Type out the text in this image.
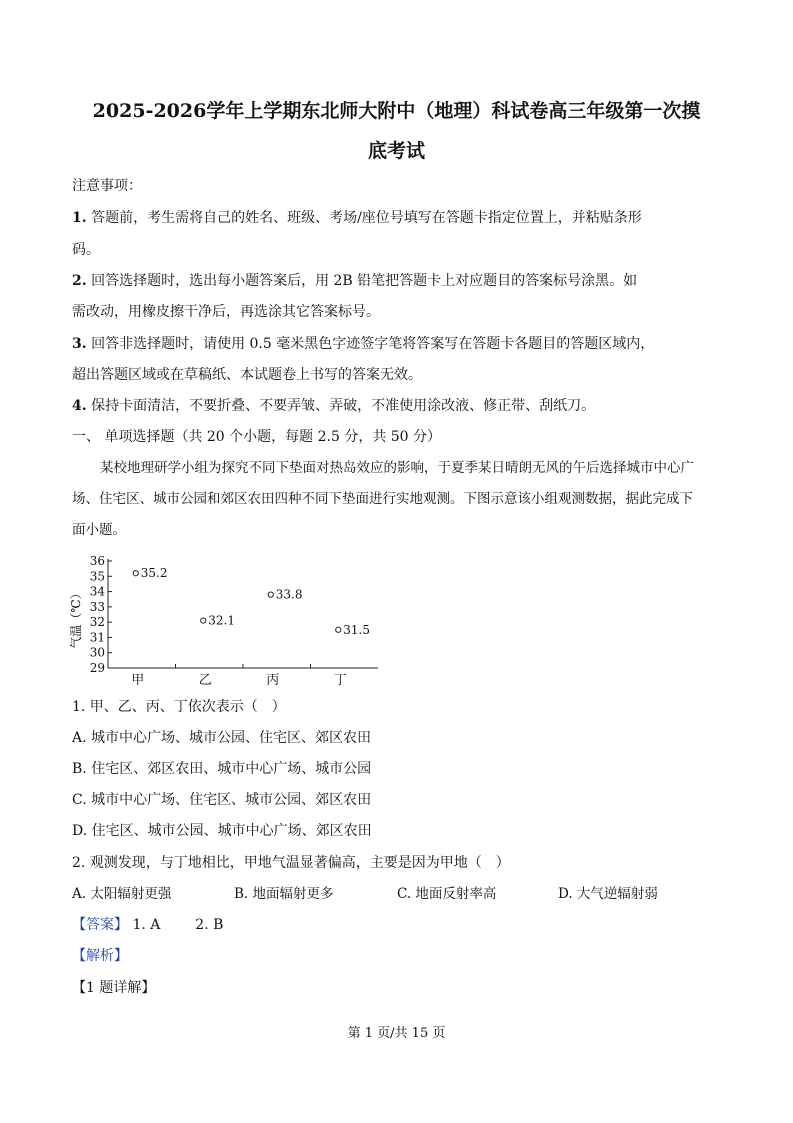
2025-2026学年上学期东北师大附中（地理）科试卷高三年级第一次摸
底考试
注意事项：
1. 答题前，考生需将自己的姓名、班级、考场/座位号填写在答题卡指定位置上，并粘贴条形
码。
2. 回答选择题时，选出每小题答案后，用 2B 铅笔把答题卡上对应题目的答案标号涂黑。如
需改动，用橡皮擦干净后，再选涂其它答案标号。
3. 回答非选择题时，请使用 0.5 毫米黑色字迹签字笔将答案写在答题卡各题目的答题区域内，
超出答题区域或在草稿纸、本试题卷上书写的答案无效。
4. 保持卡面清洁，不要折叠、不要弄皱、弄破，不准使用涂改液、修正带、刮纸刀。
一、 单项选择题（共 20 个小题，每题 2.5 分，共 50 分）
某校地理研学小组为探究不同下垫面对热岛效应的影响，于夏季某日晴朗无风的午后选择城市中心广
场、住宅区、城市公园和郊区农田四种不同下垫面进行实地观测。下图示意该小组观测数据，据此完成下
面小题。
29
30
31
32
33
34
35
36
甲	乙	丙	丁
35.2
32.1
33.8
31.5
气温（℃）
1. 甲、乙、丙、丁依次表示（　）
A. 城市中心广场、城市公园、住宅区、郊区农田
B. 住宅区、郊区农田、城市中心广场、城市公园
C. 城市中心广场、住宅区、城市公园、郊区农田
D. 住宅区、城市公园、城市中心广场、郊区农田
2. 观测发现，与丁地相比，甲地气温显著偏高，主要是因为甲地（　）
A. 太阳辐射更强	B. 地面辐射更多	C. 地面反射率高	D. 大气逆辐射弱
【答案】 1. A 2. B
【解析】
【1 题详解】
第 1 页/共 15 页
